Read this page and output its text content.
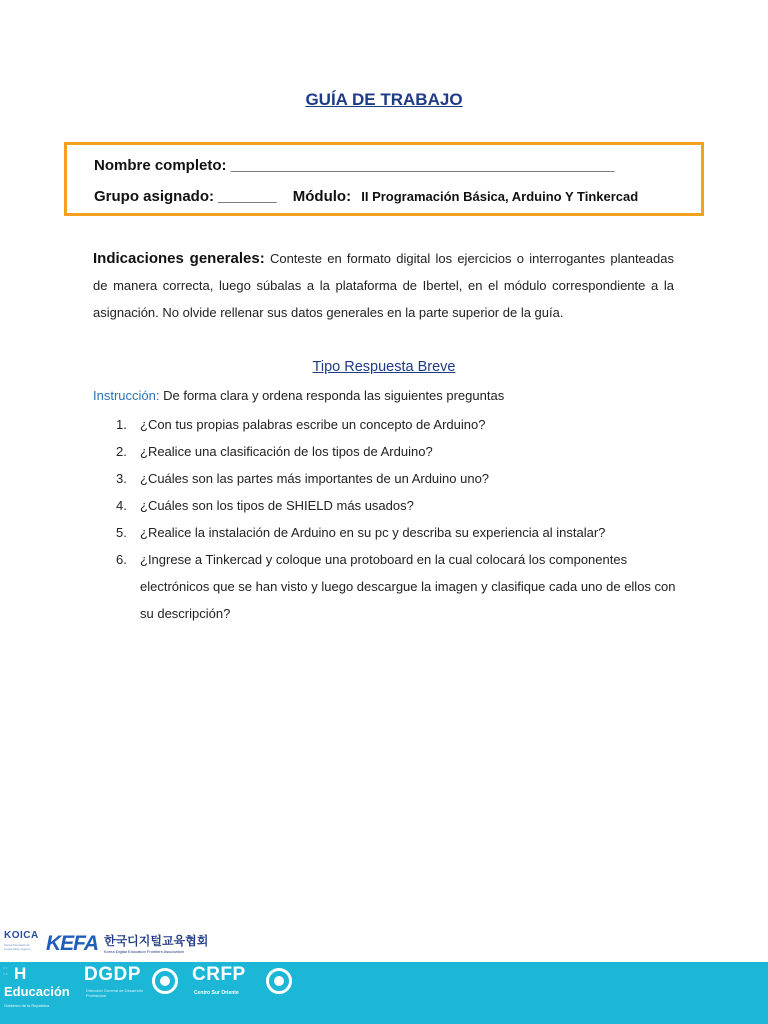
GUÍA DE TRABAJO
Nombre completo: ______________________________________________
Grupo asignado: _______ Módulo: II Programación Básica, Arduino Y Tinkercad
Indicaciones generales: Conteste en formato digital los ejercicios o interrogantes planteadas de manera correcta, luego súbalas a la plataforma de Ibertel, en el módulo correspondiente a la asignación. No olvide rellenar sus datos generales en la parte superior de la guía.
Tipo Respuesta Breve
Instrucción: De forma clara y ordena responda las siguientes preguntas
1. ¿Con tus propias palabras escribe un concepto de Arduino?
2. ¿Realice una clasificación de los tipos de Arduino?
3. ¿Cuáles son las partes más importantes de un Arduino uno?
4. ¿Cuáles son los tipos de SHIELD más usados?
5. ¿Realice la instalación de Arduino en su pc y describa su experiencia al instalar?
6. ¿Ingrese a Tinkercad y coloque una protoboard en la cual colocará los componentes electrónicos que se han visto y luego descargue la imagen y clasifique cada uno de ellos con su descripción?
KOICA
Korea International Cooperation Agency KEFA 한국디지털교육협회
Korea Digital Education Frontiers Association
⋅⋅
⋅⋅ H
Educación
Gobierno de la República
DGDP
Dirección General de Desarrollo Profesional
CRFP
Centro Sur Oriente
